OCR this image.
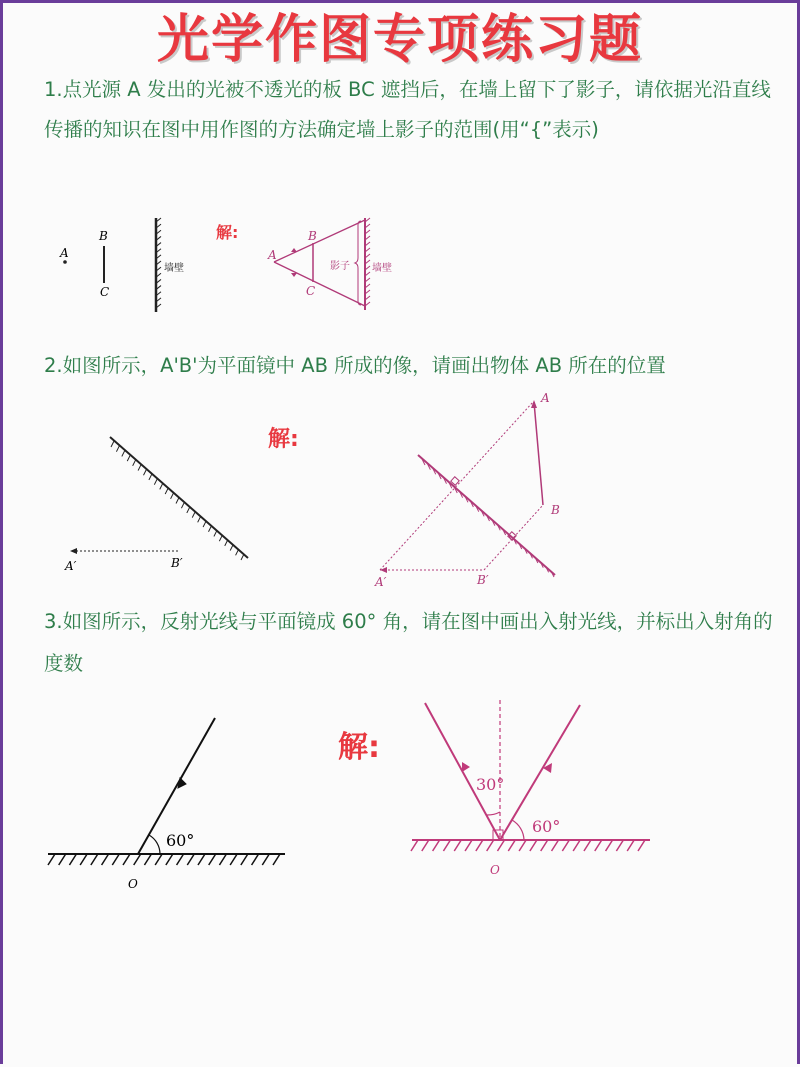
光学作图专项练习题
1.点光源 A 发出的光被不透光的板 BC 遮挡后，在墙上留下了影子，请依据光沿直线传播的知识在图中用作图的方法确定墙上影子的范围(用“{”表示)
2.如图所示，A'B'为平面镜中 AB 所成的像，请画出物体 AB 所在的位置
3.如图所示，反射光线与平面镜成 60° 角，请在图中画出入射光线，并标出入射角的度数
解:
解:
解:
A
B
C
墙壁
A
B
C
影子 墙壁
A′	B′
A
B
A′	B′
60°
O
30°
60°
O
